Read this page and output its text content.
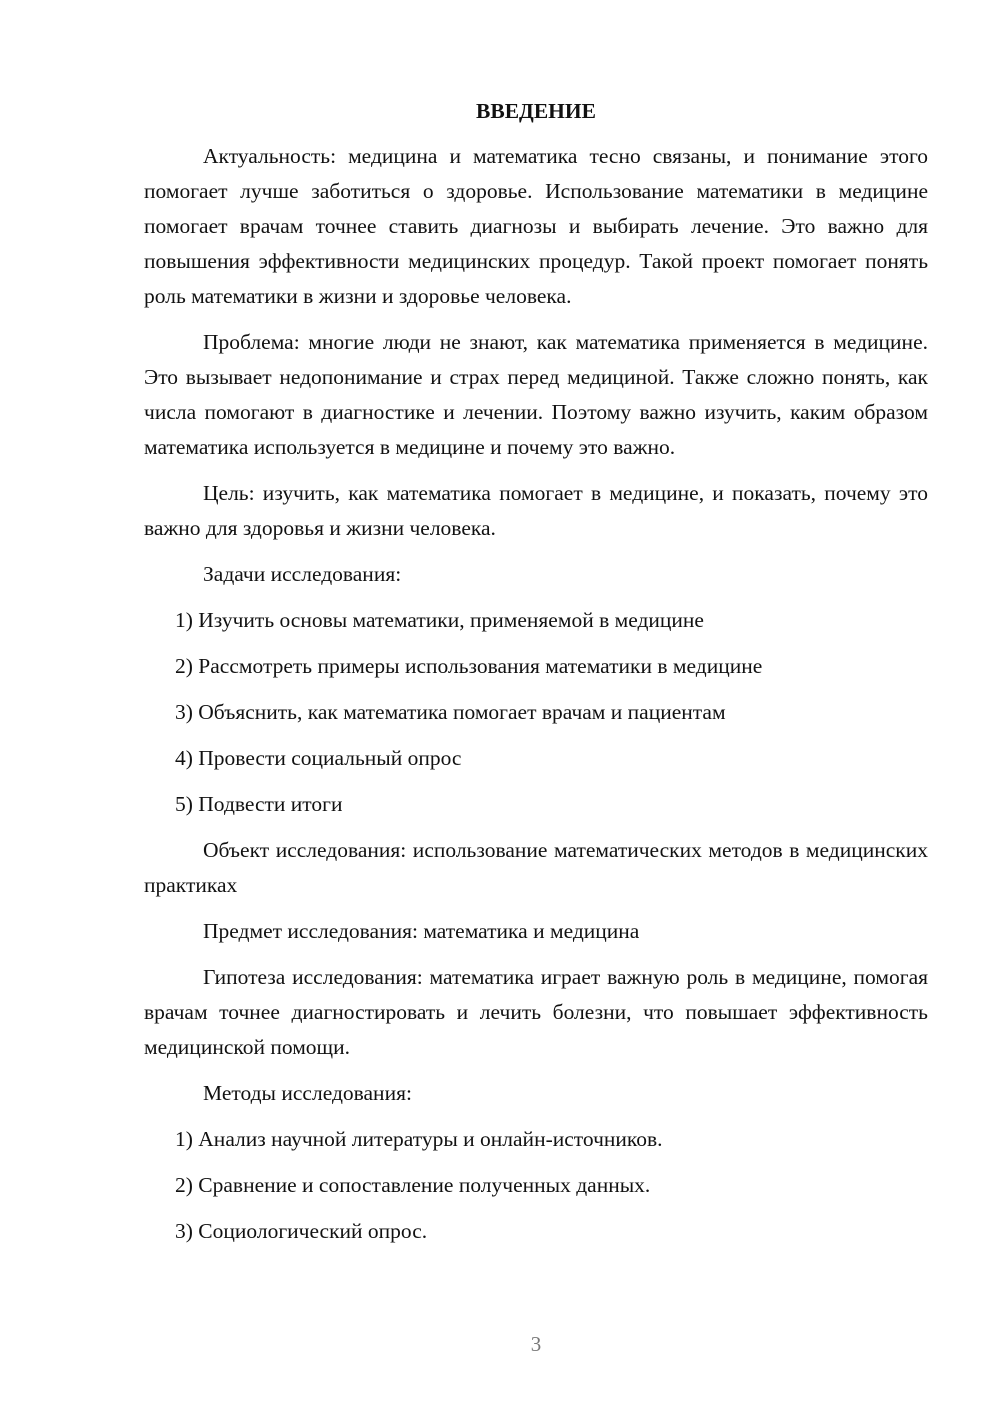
ВВЕДЕНИЕ
Актуальность: медицина и математика тесно связаны, и понимание этого помогает лучше заботиться о здоровье. Использование математики в медицине помогает врачам точнее ставить диагнозы и выбирать лечение. Это важно для повышения эффективности медицинских процедур. Такой проект помогает понять роль математики в жизни и здоровье человека.
Проблема: многие люди не знают, как математика применяется в медицине. Это вызывает недопонимание и страх перед медициной. Также сложно понять, как числа помогают в диагностике и лечении. Поэтому важно изучить, каким образом математика используется в медицине и почему это важно.
Цель: изучить, как математика помогает в медицине, и показать, почему это важно для здоровья и жизни человека.
Задачи исследования:
1) Изучить основы математики, применяемой в медицине
2) Рассмотреть примеры использования математики в медицине
3) Объяснить, как математика помогает врачам и пациентам
4) Провести социальный опрос
5) Подвести итоги
Объект исследования: использование математических методов в медицинских практиках
Предмет исследования: математика и медицина
Гипотеза исследования: математика играет важную роль в медицине, помогая врачам точнее диагностировать и лечить болезни, что повышает эффективность медицинской помощи.
Методы исследования:
1) Анализ научной литературы и онлайн-источников.
2) Сравнение и сопоставление полученных данных.
3) Социологический опрос.
3
